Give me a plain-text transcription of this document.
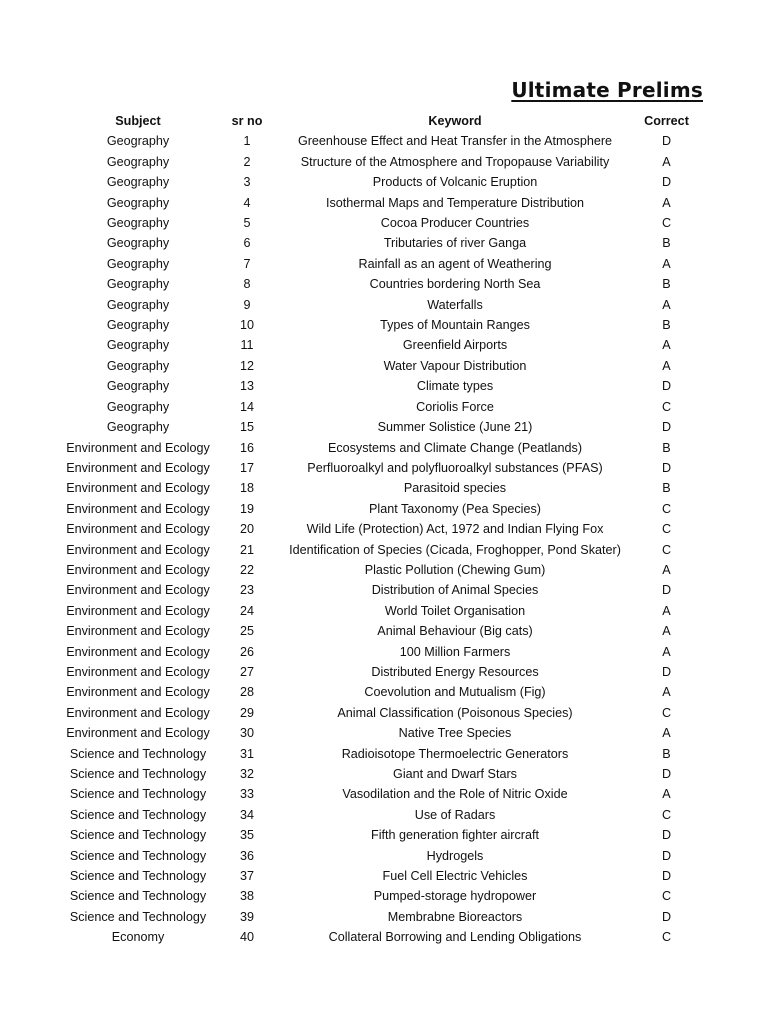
Ultimate Prelims
Subject	sr no	Keyword	Correct
Geography	1	Greenhouse Effect and Heat Transfer in the Atmosphere	D
Geography	2	Structure of the Atmosphere and Tropopause Variability	A
Geography	3	Products of Volcanic Eruption	D
Geography	4	Isothermal Maps and Temperature Distribution	A
Geography	5	Cocoa Producer Countries	C
Geography	6	Tributaries of river Ganga	B
Geography	7	Rainfall as an agent of Weathering	A
Geography	8	Countries bordering North Sea	B
Geography	9	Waterfalls	A
Geography	10	Types of Mountain Ranges	B
Geography	11	Greenfield Airports	A
Geography	12	Water Vapour Distribution	A
Geography	13	Climate types	D
Geography	14	Coriolis Force	C
Geography	15	Summer Solistice (June 21)	D
Environment and Ecology	16	Ecosystems and Climate Change (Peatlands)	B
Environment and Ecology	17	Perfluoroalkyl and polyfluoroalkyl substances (PFAS)	D
Environment and Ecology	18	Parasitoid species	B
Environment and Ecology	19	Plant Taxonomy (Pea Species)	C
Environment and Ecology	20	Wild Life (Protection) Act, 1972 and Indian Flying Fox	C
Environment and Ecology	21	Identification of Species (Cicada, Froghopper, Pond Skater)	C
Environment and Ecology	22	Plastic Pollution (Chewing Gum)	A
Environment and Ecology	23	Distribution of Animal Species	D
Environment and Ecology	24	World Toilet Organisation	A
Environment and Ecology	25	Animal Behaviour (Big cats)	A
Environment and Ecology	26	100 Million Farmers	A
Environment and Ecology	27	Distributed Energy Resources	D
Environment and Ecology	28	Coevolution and Mutualism (Fig)	A
Environment and Ecology	29	Animal Classification (Poisonous Species)	C
Environment and Ecology	30	Native Tree Species	A
Science and Technology	31	Radioisotope Thermoelectric Generators	B
Science and Technology	32	Giant and Dwarf Stars	D
Science and Technology	33	Vasodilation and the Role of Nitric Oxide	A
Science and Technology	34	Use of Radars	C
Science and Technology	35	Fifth generation fighter aircraft	D
Science and Technology	36	Hydrogels	D
Science and Technology	37	Fuel Cell Electric Vehicles	D
Science and Technology	38	Pumped-storage hydropower	C
Science and Technology	39	Membrabne Bioreactors	D
Economy	40	Collateral Borrowing and Lending Obligations	C
